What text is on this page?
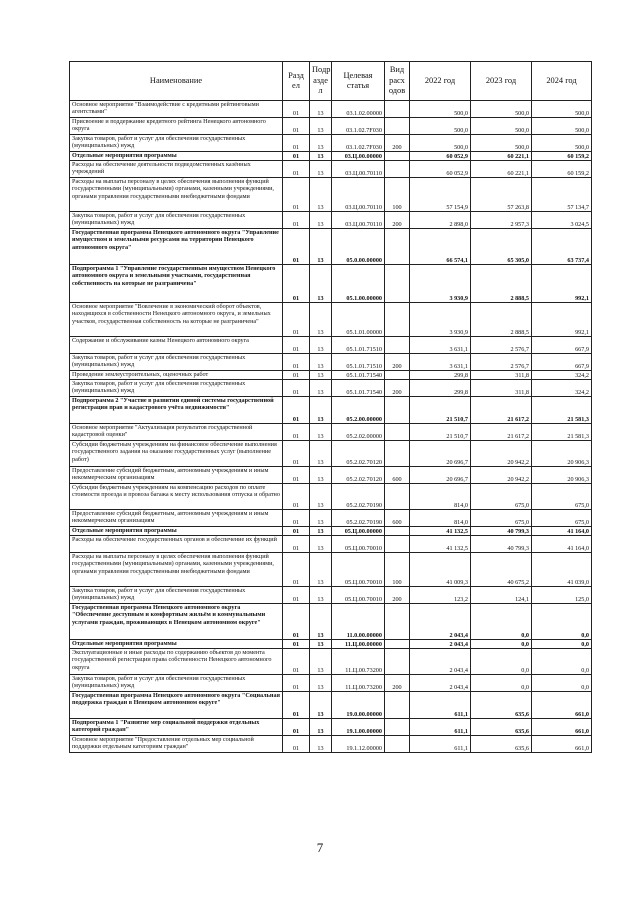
Наименование	Разд ел	Подр азде л	Целевая статья	Вид расх одов	2022 год	2023 год	2024 год
Основное мероприятие "Взаимодействие с кредитными рейтинговыми агентствами"	01	13	03.1.02.00000		500,0	500,0	500,0
Присвоение и поддержание кредитного рейтинга Ненецкого автономного округа	01	13	03.1.02.7F030		500,0	500,0	500,0
Закупка товаров, работ и услуг для обеспечения государственных (муниципальных) нужд	01	13	03.1.02.7F030	200	500,0	500,0	500,0
Отдельные мероприятия программы	01	13	03.Ц.00.00000		60 052,9	60 221,1	60 159,2
Расходы на обеспечение деятельности подведомственных казённых учреждений	01	13	03.Ц.00.70110		60 052,9	60 221,1	60 159,2
Расходы на выплаты персоналу в целях обеспечения выполнения функций государственными (муниципальными) органами, казенными учреждениями, органами управления государственными внебюджетными фондами	01	13	03.Ц.00.70110	100	57 154,9	57 263,8	57 134,7
Закупка товаров, работ и услуг для обеспечения государственных (муниципальных) нужд	01	13	03.Ц.00.70110	200	2 898,0	2 957,3	3 024,5
Государственная программа Ненецкого автономного округа "Управление имуществом и земельными ресурсами на территории Ненецкого автономного округа"	01	13	05.0.00.00000		66 574,1	65 305,0	63 737,4
Подпрограмма 1 "Управление государственным имуществом Ненецкого автономного округа и земельными участками, государственная собственность на которые не разграничена"	01	13	05.1.00.00000		3 930,9	2 888,5	992,1
Основное мероприятие "Вовлечение в экономический оборот объектов, находящихся в собственности Ненецкого автономного округа, и земельных участков, государственная собственность на которые не разграничена"	01	13	05.1.01.00000		3 930,9	2 888,5	992,1
Содержание и обслуживание казны Ненецкого автономного округа	01	13	05.1.01.71510		3 631,1	2 576,7	667,9
Закупка товаров, работ и услуг для обеспечения государственных (муниципальных) нужд	01	13	05.1.01.71510	200	3 631,1	2 576,7	667,9
Проведение землеустроительных, оценочных работ	01	13	05.1.01.71540		299,8	311,8	324,2
Закупка товаров, работ и услуг для обеспечения государственных (муниципальных) нужд	01	13	05.1.01.71540	200	299,8	311,8	324,2
Подпрограмма 2 "Участие в развитии единой системы государственной регистрации прав и кадастрового учёта недвижимости"	01	13	05.2.00.00000		21 510,7	21 617,2	21 581,3
Основное мероприятие "Актуализация результатов государственной кадастровой оценки"	01	13	05.2.02.00000		21 510,7	21 617,2	21 581,3
Субсидии бюджетным учреждениям на финансовое обеспечение выполнения государственного задания на оказание государственных услуг (выполнение работ)	01	13	05.2.02.70120		20 696,7	20 942,2	20 906,3
Предоставление субсидий бюджетным, автономным учреждениям и иным некоммерческим организациям	01	13	05.2.02.70120	600	20 696,7	20 942,2	20 906,3
Субсидии бюджетным учреждениям на компенсацию расходов по оплате стоимости проезда и провоза багажа к месту использования отпуска и обратно	01	13	05.2.02.70190		814,0	675,0	675,0
Предоставление субсидий бюджетным, автономным учреждениям и иным некоммерческим организациям	01	13	05.2.02.70190	600	814,0	675,0	675,0
Отдельные мероприятия программы	01	13	05.Ц.00.00000		41 132,5	40 799,3	41 164,0
Расходы на обеспечение государственных органов и обеспечение их функций	01	13	05.Ц.00.70010		41 132,5	40 799,3	41 164,0
Расходы на выплаты персоналу в целях обеспечения выполнения функций государственными (муниципальными) органами, казенными учреждениями, органами управления государственными внебюджетными фондами	01	13	05.Ц.00.70010	100	41 009,3	40 675,2	41 039,0
Закупка товаров, работ и услуг для обеспечения государственных (муниципальных) нужд	01	13	05.Ц.00.70010	200	123,2	124,1	125,0
Государственная программа Ненецкого автономного округа "Обеспечение доступным и комфортным жильём и коммунальными услугами граждан, проживающих в Ненецком автономном округе"	01	13	11.0.00.00000		2 043,4	0,0	0,0
Отдельные мероприятия программы	01	13	11.Ц.00.00000		2 043,4	0,0	0,0
Эксплуатационные и иные расходы по содержанию объектов до момента государственной регистрации права собственности Ненецкого автономного округа	01	13	11.Ц.00.73200		2 043,4	0,0	0,0
Закупка товаров, работ и услуг для обеспечения государственных (муниципальных) нужд	01	13	11.Ц.00.73200	200	2 043,4	0,0	0,0
Государственная программа Ненецкого автономного округа "Социальная поддержка граждан в Ненецком автономном округе"	01	13	19.0.00.00000		611,1	635,6	661,0
Подпрограмма 1 "Развитие мер социальной поддержки отдельных категорий граждан"	01	13	19.1.00.00000		611,1	635,6	661,0
Основное мероприятие "Предоставление отдельных мер социальной поддержки отдельным категориям граждан"	01	13	19.1.12.00000		611,1	635,6	661,0
7
